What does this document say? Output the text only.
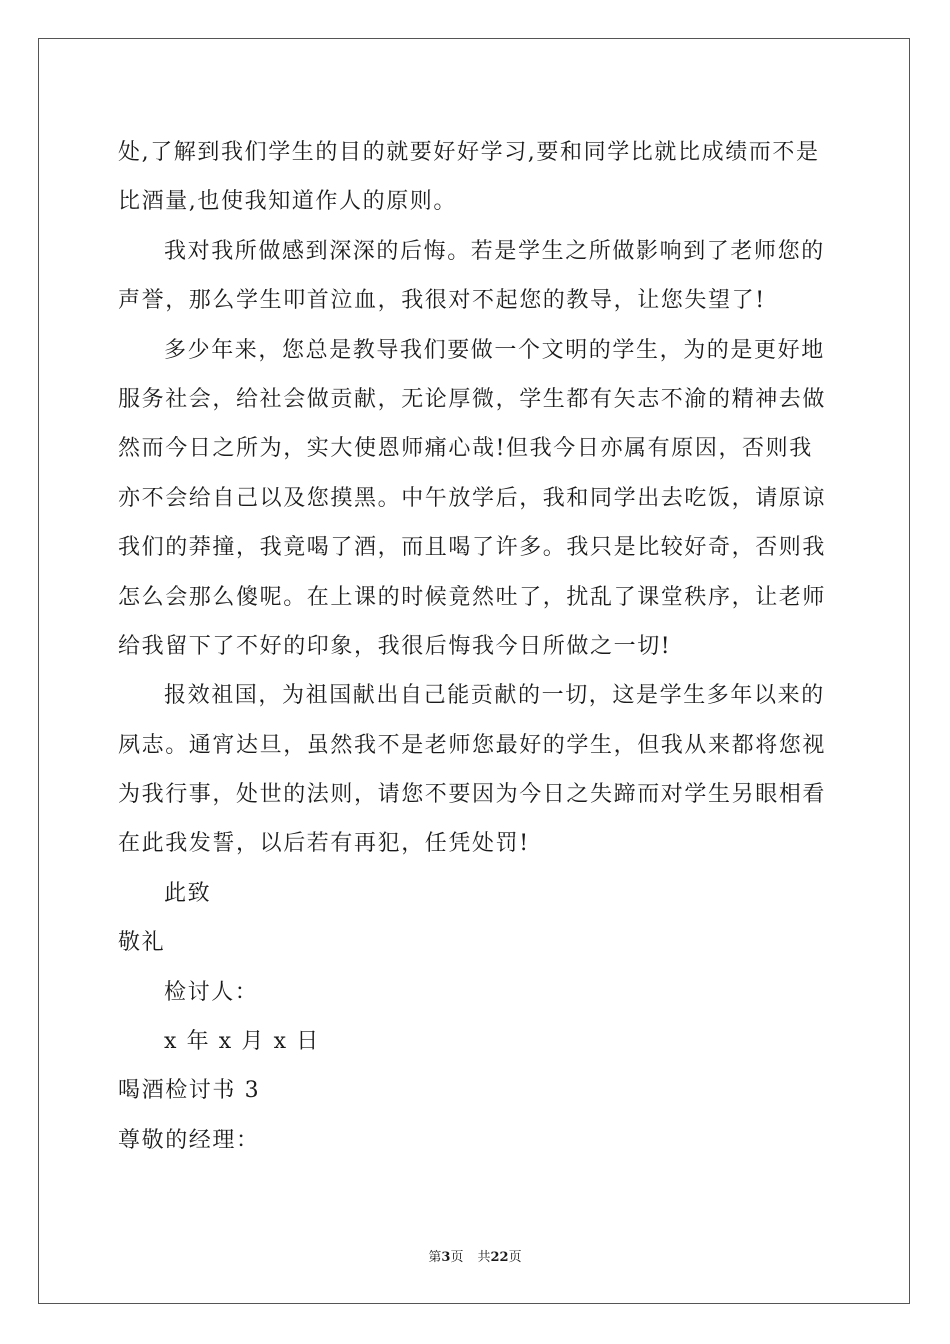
处,了解到我们学生的目的就要好好学习,要和同学比就比成绩而不是
比酒量,也使我知道作人的原则。
我对我所做感到深深的后悔。若是学生之所做影响到了老师您的
声誉，那么学生叩首泣血，我很对不起您的教导，让您失望了!
多少年来，您总是教导我们要做一个文明的学生，为的是更好地
服务社会，给社会做贡献，无论厚微，学生都有矢志不渝的精神去做
然而今日之所为，实大使恩师痛心哉!但我今日亦属有原因，否则我
亦不会给自己以及您摸黑。中午放学后，我和同学出去吃饭，请原谅
我们的莽撞，我竟喝了酒，而且喝了许多。我只是比较好奇，否则我
怎么会那么傻呢。在上课的时候竟然吐了，扰乱了课堂秩序，让老师
给我留下了不好的印象，我很后悔我今日所做之一切!
报效祖国，为祖国献出自己能贡献的一切，这是学生多年以来的
夙志。通宵达旦，虽然我不是老师您最好的学生，但我从来都将您视
为我行事，处世的法则，请您不要因为今日之失蹄而对学生另眼相看
在此我发誓，以后若有再犯，任凭处罚!
此致
敬礼
检讨人：
x 年 x 月 x 日
喝酒检讨书 3
尊敬的经理：
第3页 共22页
